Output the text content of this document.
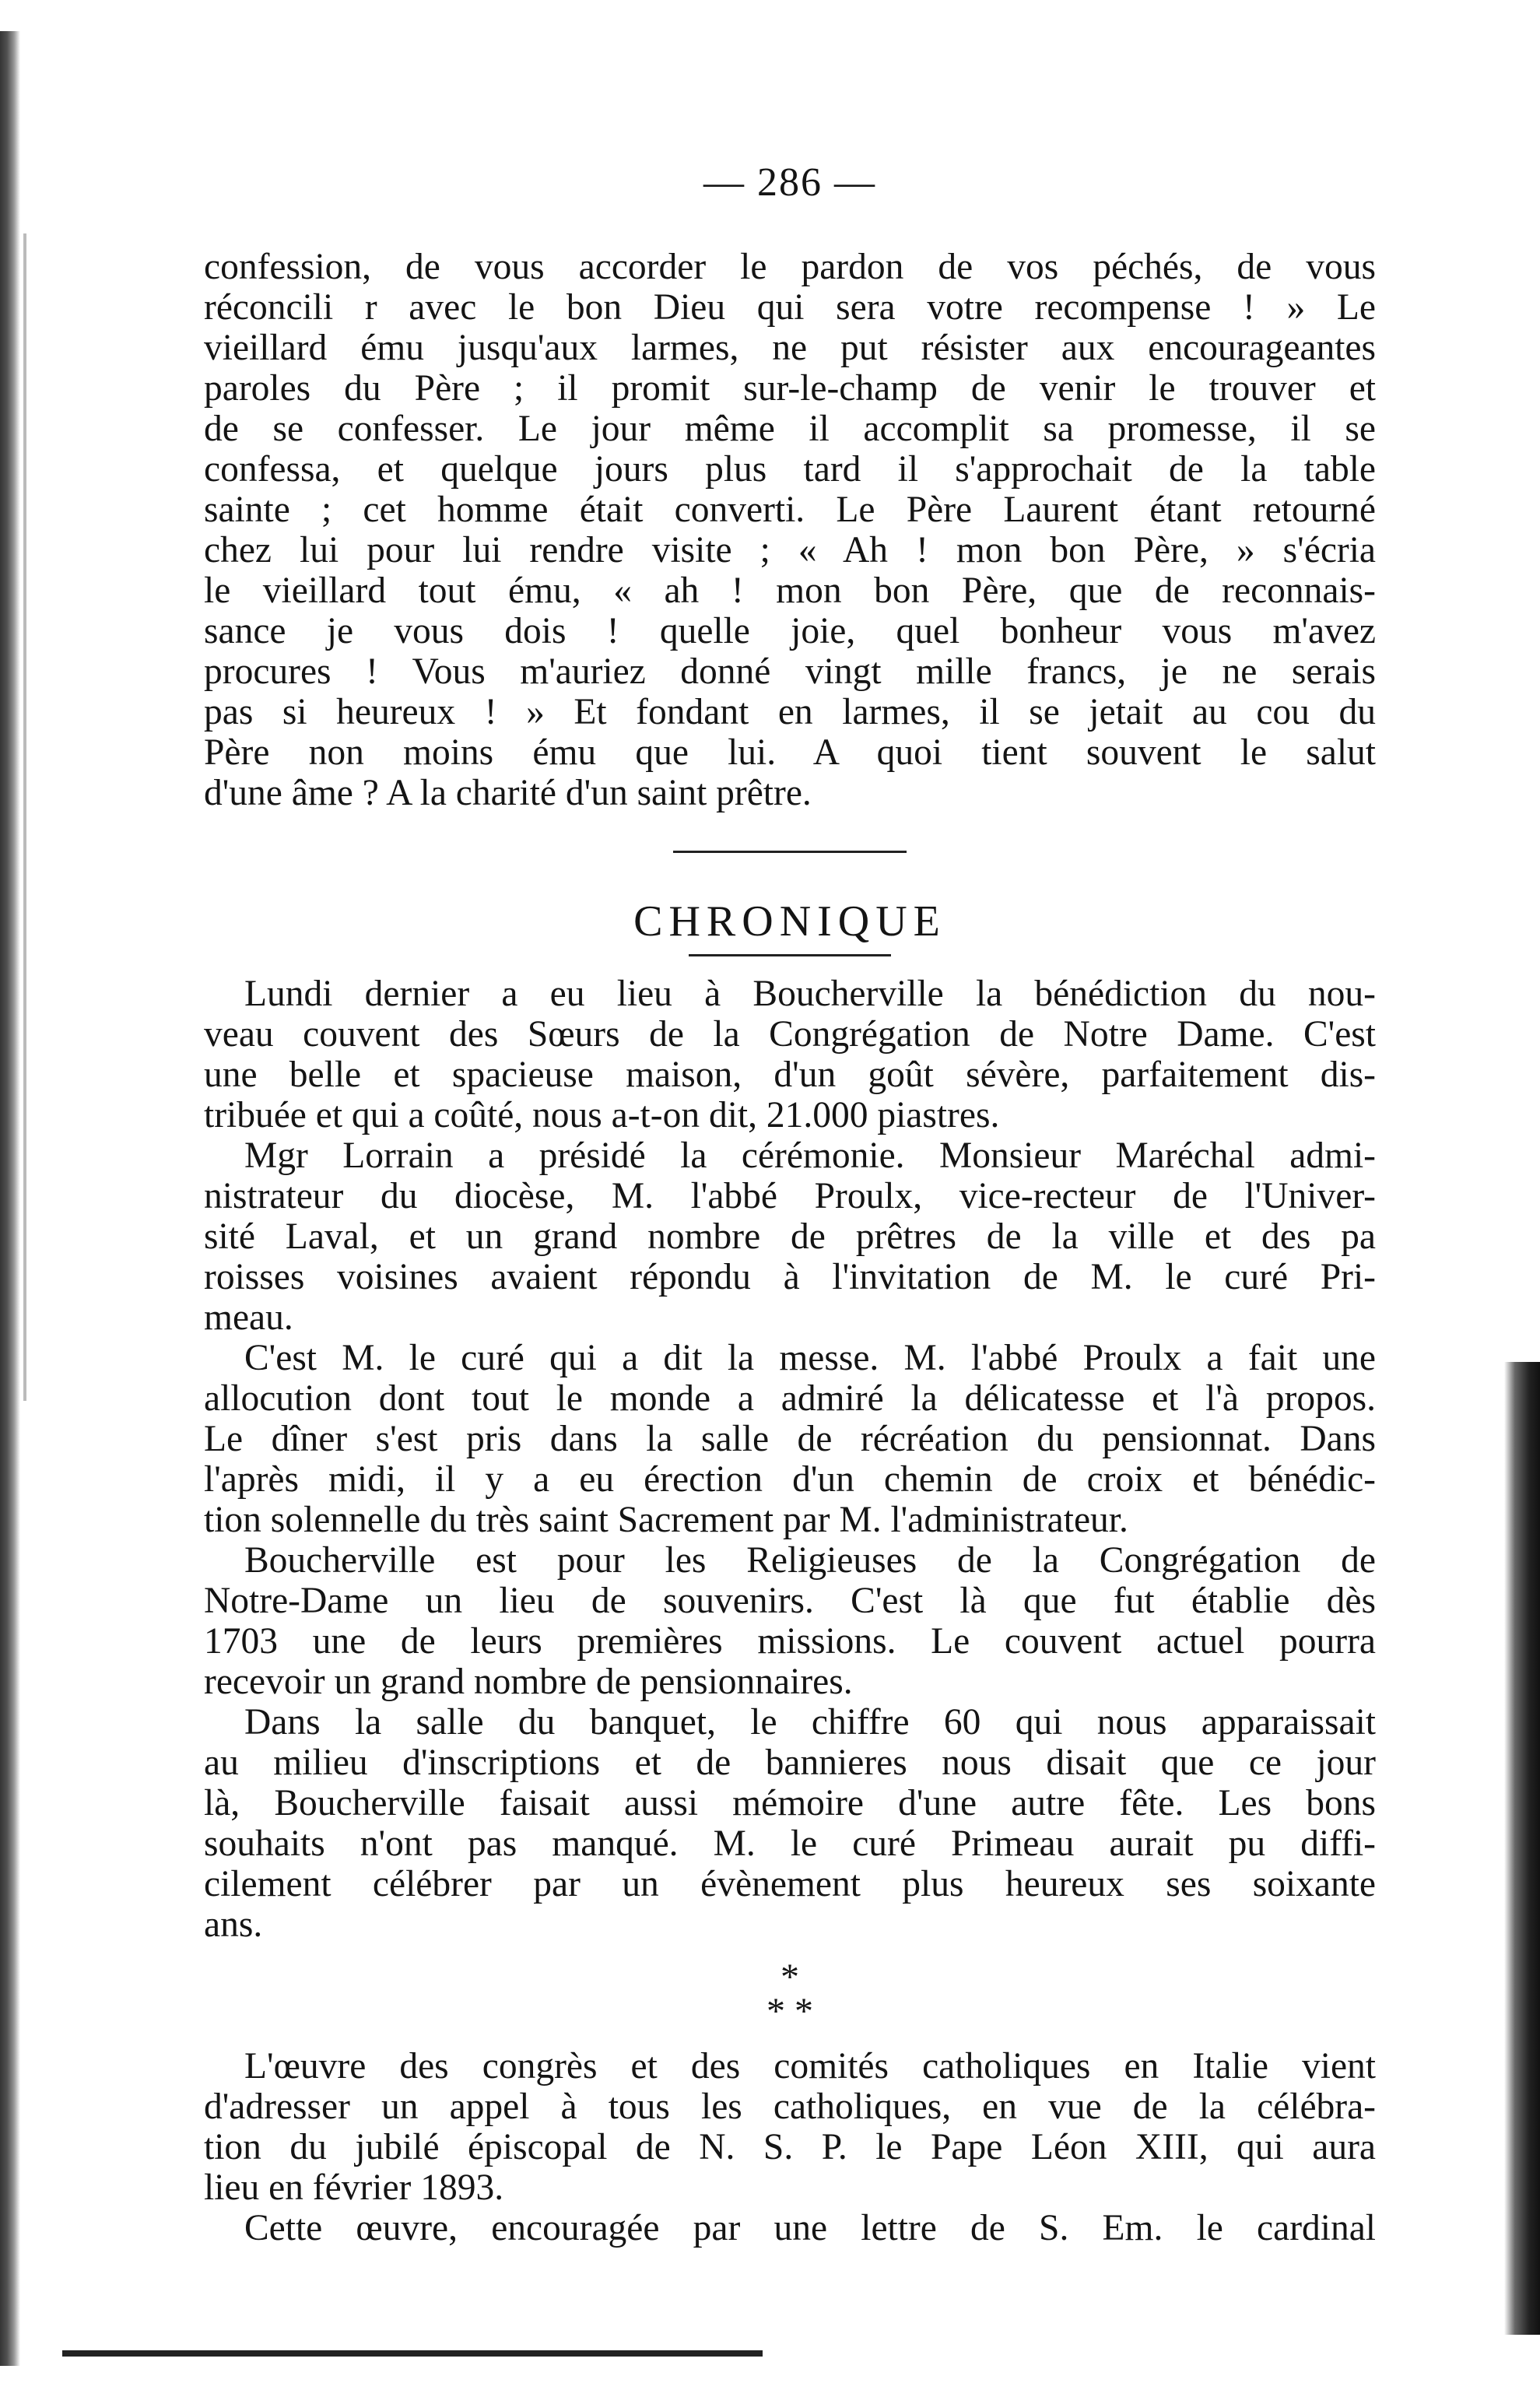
— 286 —

confession, de vous accorder le pardon de vos péchés, de vous

réconcili r avec le bon Dieu qui sera votre recompense ! » Le

vieillard ému jusqu'aux larmes, ne put résister aux encourageantes

paroles du Père ; il promit sur-le-champ de venir le trouver et

de se confesser. Le jour même il accomplit sa promesse, il se

confessa, et quelque jours plus tard il s'approchait de la table

sainte ; cet homme était converti. Le Père Laurent étant retourné

chez lui pour lui rendre visite ; « Ah ! mon bon Père, » s'écria

le vieillard tout ému, « ah ! mon bon Père, que de reconnais-

sance je vous dois ! quelle joie, quel bonheur vous m'avez

procures ! Vous m'auriez donné vingt mille francs, je ne serais

pas si heureux ! » Et fondant en larmes, il se jetait au cou du

Père non moins ému que lui. A quoi tient souvent le salut

d'une âme ? A la charité d'un saint prêtre.

CHRONIQUE

Lundi dernier a eu lieu à Boucherville la bénédiction du nou-

veau couvent des Sœurs de la Congrégation de Notre Dame. C'est

une belle et spacieuse maison, d'un goût sévère, parfaitement dis-

tribuée et qui a coûté, nous a-t-on dit, 21.000 piastres.

Mgr Lorrain a présidé la cérémonie. Monsieur Maréchal admi-

nistrateur du diocèse, M. l'abbé Proulx, vice-recteur de l'Univer-

sité Laval, et un grand nombre de prêtres de la ville et des pa

roisses voisines avaient répondu à l'invitation de M. le curé Pri-

meau.

C'est M. le curé qui a dit la messe. M. l'abbé Proulx a fait une

allocution dont tout le monde a admiré la délicatesse et l'à propos.

Le dîner s'est pris dans la salle de récréation du pensionnat. Dans

l'après midi, il y a eu érection d'un chemin de croix et bénédic-

tion solennelle du très saint Sacrement par M. l'administrateur.

Boucherville est pour les Religieuses de la Congrégation de

Notre-Dame un lieu de souvenirs. C'est là que fut établie dès

1703 une de leurs premières missions. Le couvent actuel pourra

recevoir un grand nombre de pensionnaires.

Dans la salle du banquet, le chiffre 60 qui nous apparaissait

au milieu d'inscriptions et de bannieres nous disait que ce jour

là, Boucherville faisait aussi mémoire d'une autre fête. Les bons

souhaits n'ont pas manqué. M. le curé Primeau aurait pu diffi-

cilement célébrer par un évènement plus heureux ses soixante

ans.

*
* *

L'œuvre des congrès et des comités catholiques en Italie vient

d'adresser un appel à tous les catholiques, en vue de la célébra-

tion du jubilé épiscopal de N. S. P. le Pape Léon XIII, qui aura

lieu en février 1893.

Cette œuvre, encouragée par une lettre de S. Em. le cardinal
